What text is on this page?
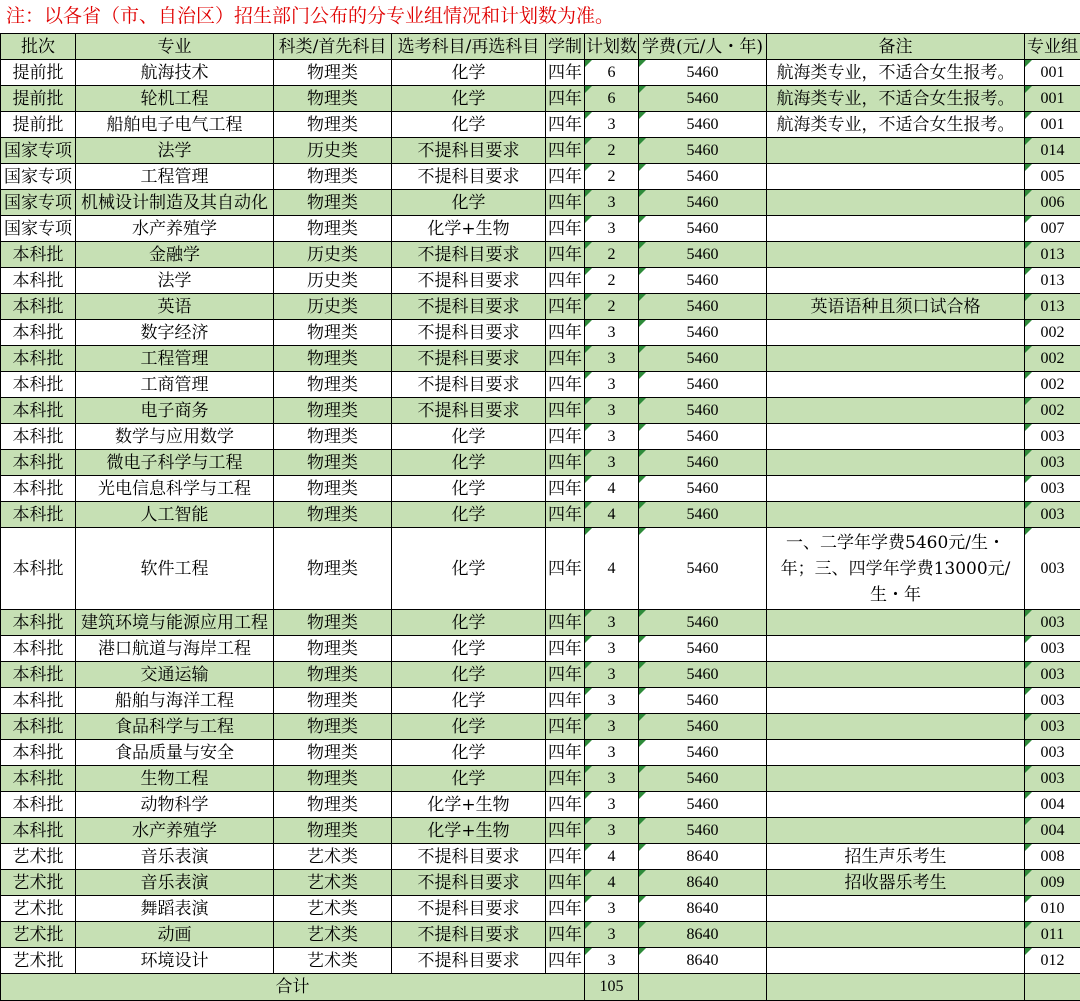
注：以各省（市、自治区）招生部门公布的分专业组情况和计划数为准。
批次	专业	科类/首先科目	选考科目/再选科目	学制	计划数	学费(元/人・年)	备注	专业组
提前批	航海技术	物理类	化学	四年	6	5460	航海类专业，不适合女生报考。	001
提前批	轮机工程	物理类	化学	四年	6	5460	航海类专业，不适合女生报考。	001
提前批	船舶电子电气工程	物理类	化学	四年	3	5460	航海类专业，不适合女生报考。	001
国家专项	法学	历史类	不提科目要求	四年	2	5460		014
国家专项	工程管理	物理类	不提科目要求	四年	2	5460		005
国家专项	机械设计制造及其自动化	物理类	化学	四年	3	5460		006
国家专项	水产养殖学	物理类	化学+生物	四年	3	5460		007
本科批	金融学	历史类	不提科目要求	四年	2	5460		013
本科批	法学	历史类	不提科目要求	四年	2	5460		013
本科批	英语	历史类	不提科目要求	四年	2	5460	英语语种且须口试合格	013
本科批	数字经济	物理类	不提科目要求	四年	3	5460		002
本科批	工程管理	物理类	不提科目要求	四年	3	5460		002
本科批	工商管理	物理类	不提科目要求	四年	3	5460		002
本科批	电子商务	物理类	不提科目要求	四年	3	5460		002
本科批	数学与应用数学	物理类	化学	四年	3	5460		003
本科批	微电子科学与工程	物理类	化学	四年	3	5460		003
本科批	光电信息科学与工程	物理类	化学	四年	4	5460		003
本科批	人工智能	物理类	化学	四年	4	5460		003
本科批	软件工程	物理类	化学	四年	4	5460	一、二学年学费5460元/生・年；三、四学年学费13000元/生・年	003
本科批	建筑环境与能源应用工程	物理类	化学	四年	3	5460		003
本科批	港口航道与海岸工程	物理类	化学	四年	3	5460		003
本科批	交通运输	物理类	化学	四年	3	5460		003
本科批	船舶与海洋工程	物理类	化学	四年	3	5460		003
本科批	食品科学与工程	物理类	化学	四年	3	5460		003
本科批	食品质量与安全	物理类	化学	四年	3	5460		003
本科批	生物工程	物理类	化学	四年	3	5460		003
本科批	动物科学	物理类	化学+生物	四年	3	5460		004
本科批	水产养殖学	物理类	化学+生物	四年	3	5460		004
艺术批	音乐表演	艺术类	不提科目要求	四年	4	8640	招生声乐考生	008
艺术批	音乐表演	艺术类	不提科目要求	四年	4	8640	招收器乐考生	009
艺术批	舞蹈表演	艺术类	不提科目要求	四年	3	8640		010
艺术批	动画	艺术类	不提科目要求	四年	3	8640		011
艺术批	环境设计	艺术类	不提科目要求	四年	3	8640		012
合计					105			
